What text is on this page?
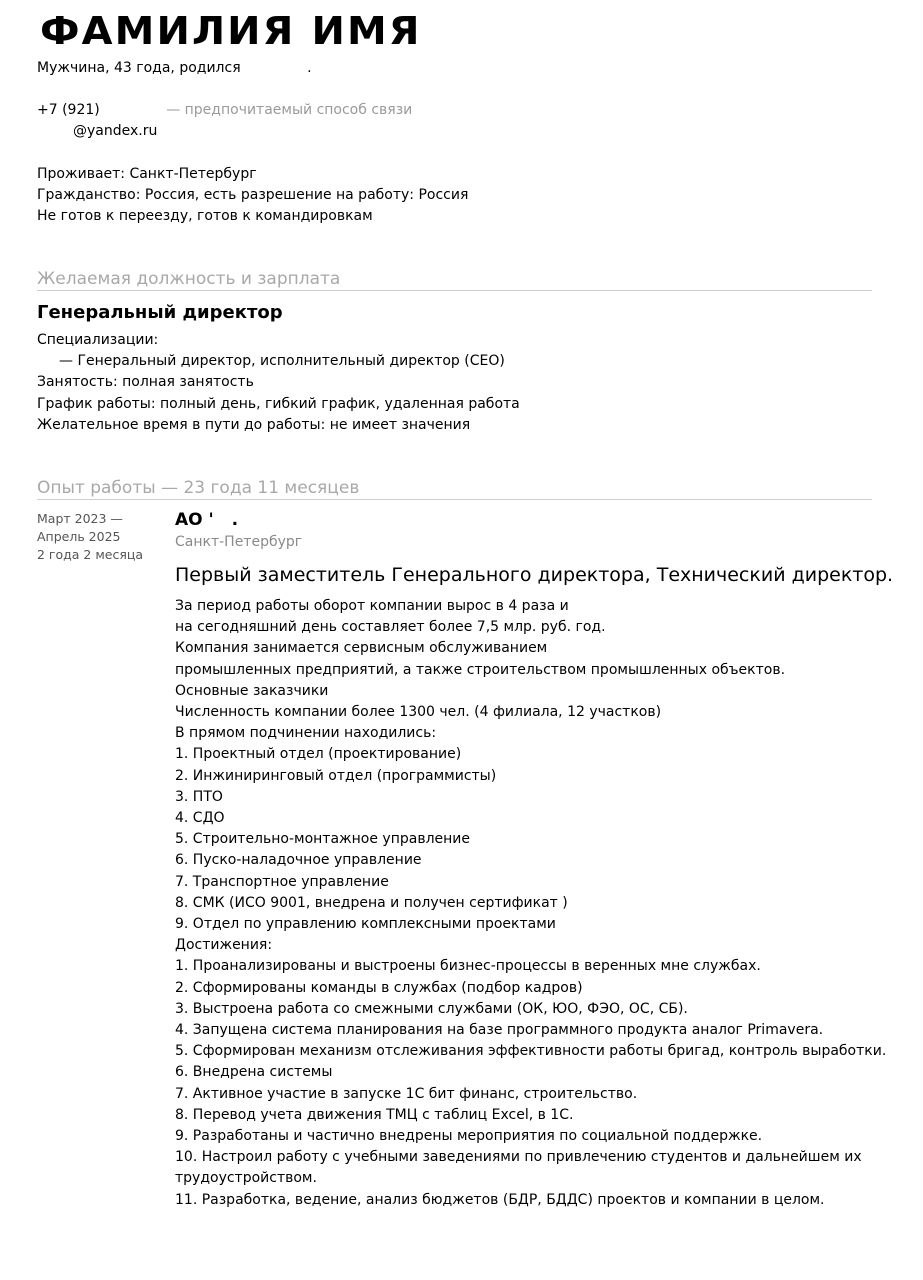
ФАМИЛИЯ ИМЯ
Мужчина, 43 года, родился	.
+7 (921)	— предпочитаемый способ связи
@yandex.ru
Проживает: Санкт-Петербург
Гражданство: Россия, есть разрешение на работу: Россия
Не готов к переезду, готов к командировкам
Желаемая должность и зарплата
Генеральный директор
Специализации:
— Генеральный директор, исполнительный директор (CEO)
Занятость: полная занятость
График работы: полный день, гибкий график, удаленная работа
Желательное время в пути до работы: не имеет значения
Опыт работы — 23 года 11 месяцев
Март 2023 —
Апрель 2025
2 года 2 месяца
АО ' .
Санкт-Петербург
Первый заместитель Генерального директора, Технический директор.
За период работы оборот компании вырос в 4 раза и
на сегодняшний день составляет более 7,5 млр. руб. год.
Компания занимается сервисным обслуживанием
промышленных предприятий, а также строительством промышленных объектов.
Основные заказчики
Численность компании более 1300 чел. (4 филиала, 12 участков)
В прямом подчинении находились:
1. Проектный отдел (проектирование)
2. Инжиниринговый отдел (программисты)
3. ПТО
4. СДО
5. Строительно-монтажное управление
6. Пуско-наладочное управление
7. Транспортное управление
8. СМК (ИСО 9001, внедрена и получен сертификат )
9. Отдел по управлению комплексными проектами
Достижения:
1. Проанализированы и выстроены бизнес-процессы в веренных мне службах.
2. Сформированы команды в службах (подбор кадров)
3. Выстроена работа со смежными службами (ОК, ЮО, ФЭО, ОС, СБ).
4. Запущена система планирования на базе программного продукта аналог Primavera.
5. Сформирован механизм отслеживания эффективности работы бригад, контроль выработки.
6. Внедрена системы
7. Активное участие в запуске 1С бит финанс, строительство.
8. Перевод учета движения ТМЦ с таблиц Excel, в 1С.
9. Разработаны и частично внедрены мероприятия по социальной поддержке.
10. Настроил работу с учебными заведениями по привлечению студентов и дальнейшем их
трудоустройством.
11. Разработка, ведение, анализ бюджетов (БДР, БДДС) проектов и компании в целом.
